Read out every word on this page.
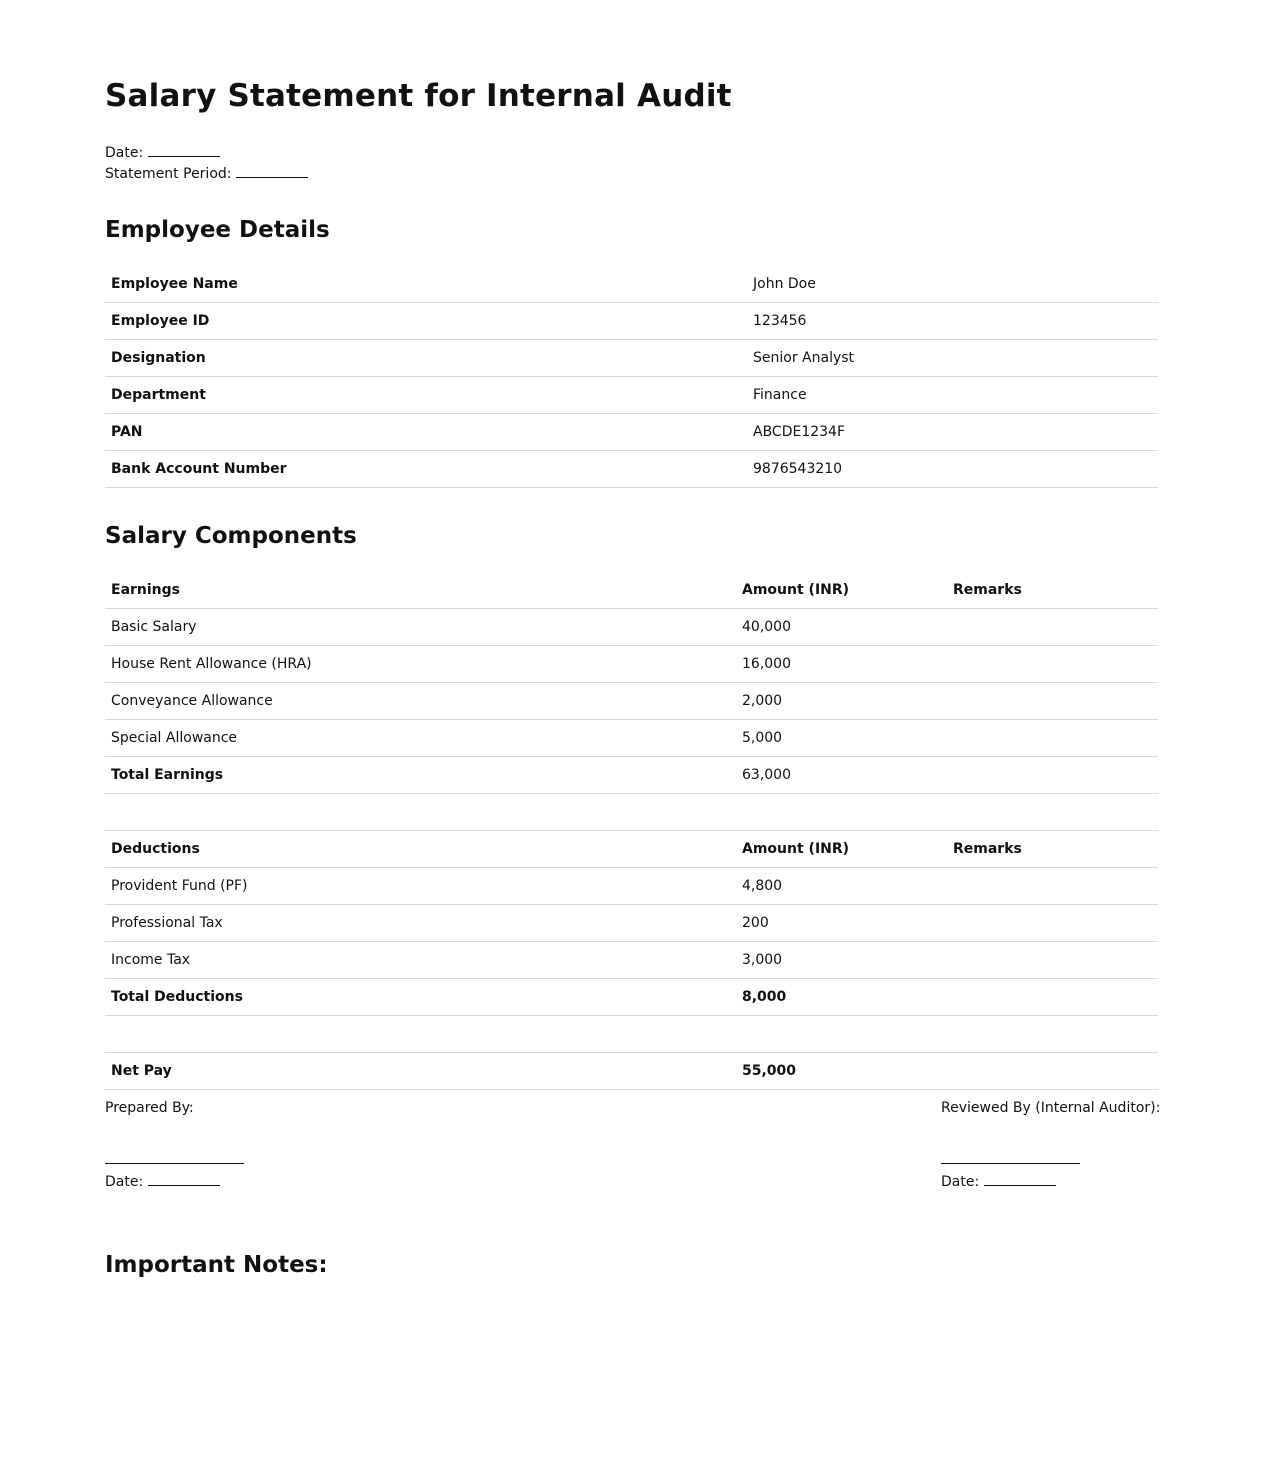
Salary Statement for Internal Audit
Date:
Statement Period:
Employee Details
Employee Name	John Doe
Employee ID	123456
Designation	Senior Analyst
Department	Finance
PAN	ABCDE1234F
Bank Account Number	9876543210
Salary Components
Earnings	Amount (INR)	Remarks
Basic Salary	40,000	
House Rent Allowance (HRA)	16,000	
Conveyance Allowance	2,000	
Special Allowance	5,000	
Total Earnings	63,000	

Deductions	Amount (INR)	Remarks
Provident Fund (PF)	4,800	
Professional Tax	200	
Income Tax	3,000	
Total Deductions	8,000	

Net Pay	55,000	
Prepared By:
Date:
Reviewed By (Internal Auditor):
Date:
Important Notes:
